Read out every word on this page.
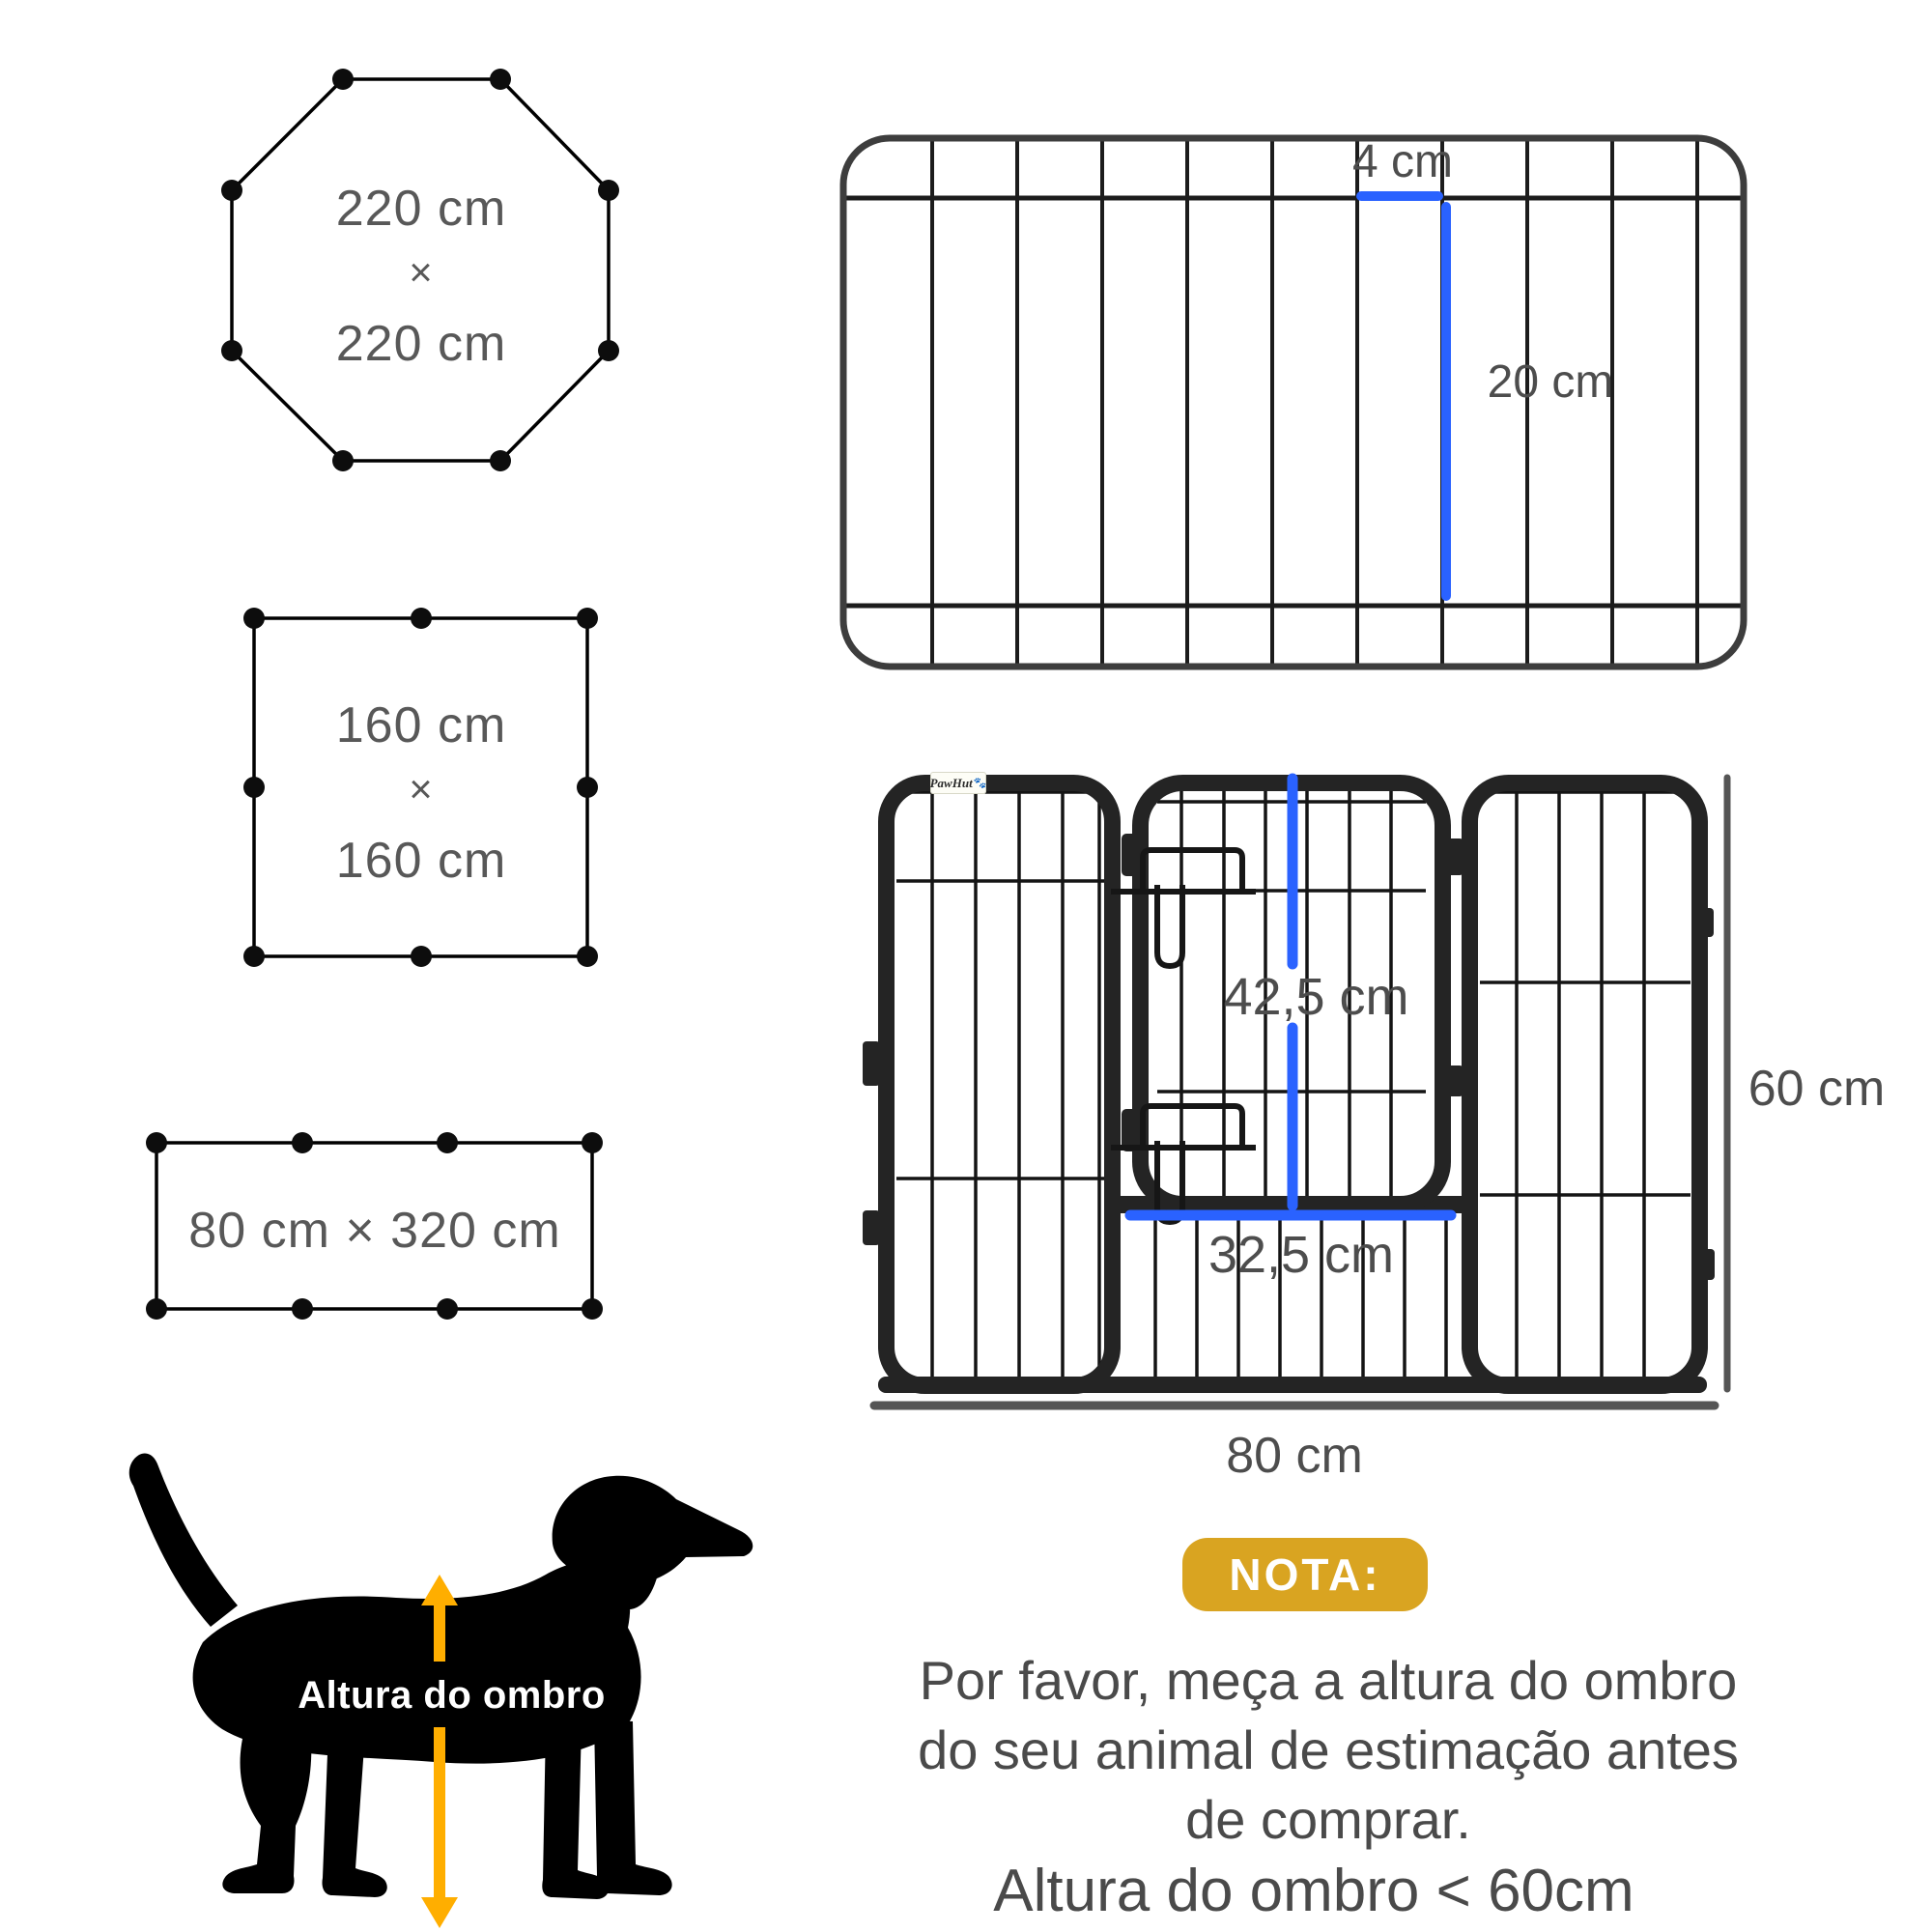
220 cm
×
220 cm
160 cm
×
160 cm
80 cm × 320 cm
4 cm
20 cm
PawHut 🐾
42,5 cm
32,5 cm
60 cm
80 cm
Altura do ombro
NOTA:
Por favor, meça a altura do ombro
do seu animal de estimação antes
de comprar.
Altura do ombro < 60cm
